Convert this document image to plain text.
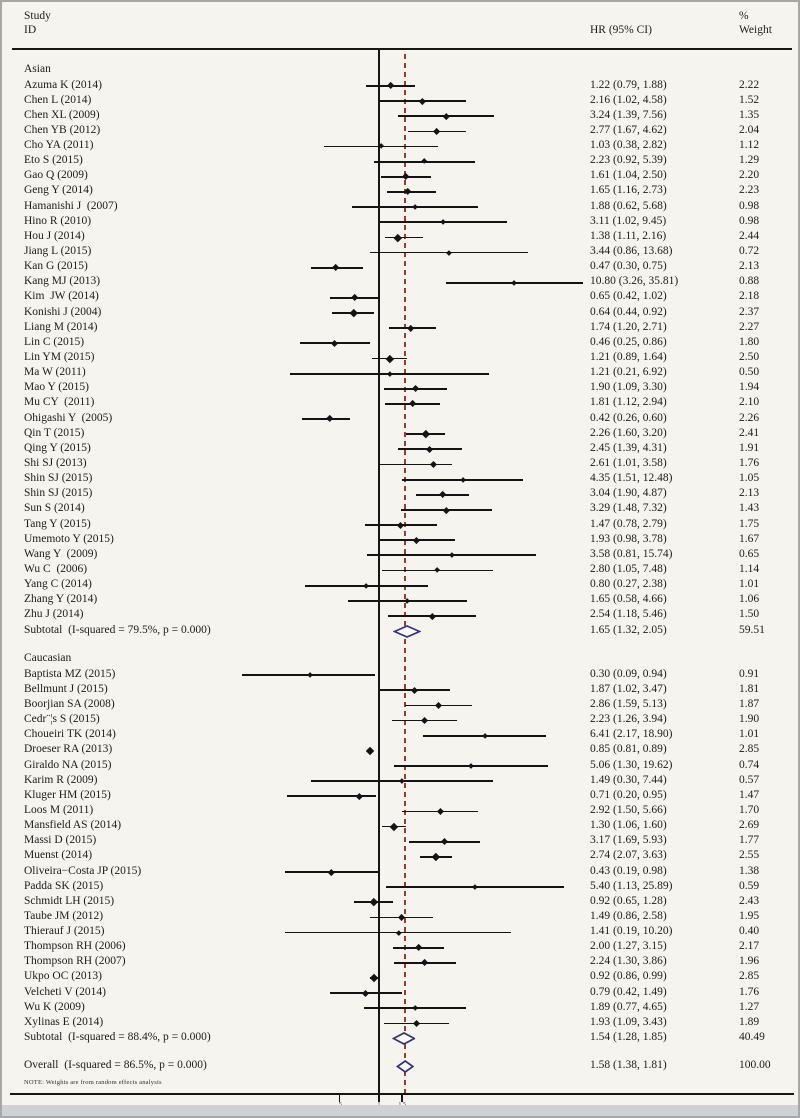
Study
ID	HR (95% CI)
%
Weight
Asian
Azuma K (2014)	1.22 (0.79, 1.88)	2.22
Chen L (2014)	2.16 (1.02, 4.58)	1.52
Chen XL (2009)	3.24 (1.39, 7.56)	1.35
Chen YB (2012)	2.77 (1.67, 4.62)	2.04
Cho YA (2011)	1.03 (0.38, 2.82)	1.12
Eto S (2015)	2.23 (0.92, 5.39)	1.29
Gao Q (2009)	1.61 (1.04, 2.50)	2.20
Geng Y (2014)	1.65 (1.16, 2.73)	2.23
Hamanishi J  (2007)	1.88 (0.62, 5.68)	0.98
Hino R (2010)	3.11 (1.02, 9.45)	0.98
Hou J (2014)	1.38 (1.11, 2.16)	2.44
Jiang L (2015)	3.44 (0.86, 13.68)	0.72
Kan G (2015)	0.47 (0.30, 0.75)	2.13
Kang MJ (2013)	10.80 (3.26, 35.81)	0.88
Kim  JW (2014)	0.65 (0.42, 1.02)	2.18
Konishi J (2004)	0.64 (0.44, 0.92)	2.37
Liang M (2014)	1.74 (1.20, 2.71)	2.27
Lin C (2015)	0.46 (0.25, 0.86)	1.80
Lin YM (2015)	1.21 (0.89, 1.64)	2.50
Ma W (2011)	1.21 (0.21, 6.92)	0.50
Mao Y (2015)	1.90 (1.09, 3.30)	1.94
Mu CY  (2011)	1.81 (1.12, 2.94)	2.10
Ohigashi Y  (2005)	0.42 (0.26, 0.60)	2.26
Qin T (2015)	2.26 (1.60, 3.20)	2.41
Qing Y (2015)	2.45 (1.39, 4.31)	1.91
Shi SJ (2013)	2.61 (1.01, 3.58)	1.76
Shin SJ (2015)	4.35 (1.51, 12.48)	1.05
Shin SJ (2015)	3.04 (1.90, 4.87)	2.13
Sun S (2014)	3.29 (1.48, 7.32)	1.43
Tang Y (2015)	1.47 (0.78, 2.79)	1.75
Umemoto Y (2015)	1.93 (0.98, 3.78)	1.67
Wang Y  (2009)	3.58 (0.81, 15.74)	0.65
Wu C  (2006)	2.80 (1.05, 7.48)	1.14
Yang C (2014)	0.80 (0.27, 2.38)	1.01
Zhang Y (2014)	1.65 (0.58, 4.66)	1.06
Zhu J (2014)	2.54 (1.18, 5.46)	1.50
Subtotal  (I-squared = 79.5%, p = 0.000)	1.65 (1.32, 2.05)	59.51
Caucasian
Baptista MZ (2015)	0.30 (0.09, 0.94)	0.91
Bellmunt J (2015)	1.87 (1.02, 3.47)	1.81
Boorjian SA (2008)	2.86 (1.59, 5.13)	1.87
Cedr¨¦s S (2015)	2.23 (1.26, 3.94)	1.90
Choueiri TK (2014)	6.41 (2.17, 18.90)	1.01
Droeser RA (2013)	0.85 (0.81, 0.89)	2.85
Giraldo NA (2015)	5.06 (1.30, 19.62)	0.74
Karim R (2009)	1.49 (0.30, 7.44)	0.57
Kluger HM (2015)	0.71 (0.20, 0.95)	1.47
Loos M (2011)	2.92 (1.50, 5.66)	1.70
Mansfield AS (2014)	1.30 (1.06, 1.60)	2.69
Massi D (2015)	3.17 (1.69, 5.93)	1.77
Muenst (2014)	2.74 (2.07, 3.63)	2.55
Oliveira−Costa JP (2015)	0.43 (0.19, 0.98)	1.38
Padda SK (2015)	5.40 (1.13, 25.89)	0.59
Schmidt LH (2015)	0.92 (0.65, 1.28)	2.43
Taube JM (2012)	1.49 (0.86, 2.58)	1.95
Thierauf J (2015)	1.41 (0.19, 10.20)	0.40
Thompson RH (2006)	2.00 (1.27, 3.15)	2.17
Thompson RH (2007)	2.24 (1.30, 3.86)	1.96
Ukpo OC (2013)	0.92 (0.86, 0.99)	2.85
Velcheti V (2014)	0.79 (0.42, 1.49)	1.76
Wu K (2009)	1.89 (0.77, 4.65)	1.27
Xylinas E (2014)	1.93 (1.09, 3.43)	1.89
Subtotal  (I-squared = 88.4%, p = 0.000)	1.54 (1.28, 1.85)	40.49
Overall  (I-squared = 86.5%, p = 0.000)	1.58 (1.38, 1.81)	100.00
NOTE: Weights are from random effects analysis
